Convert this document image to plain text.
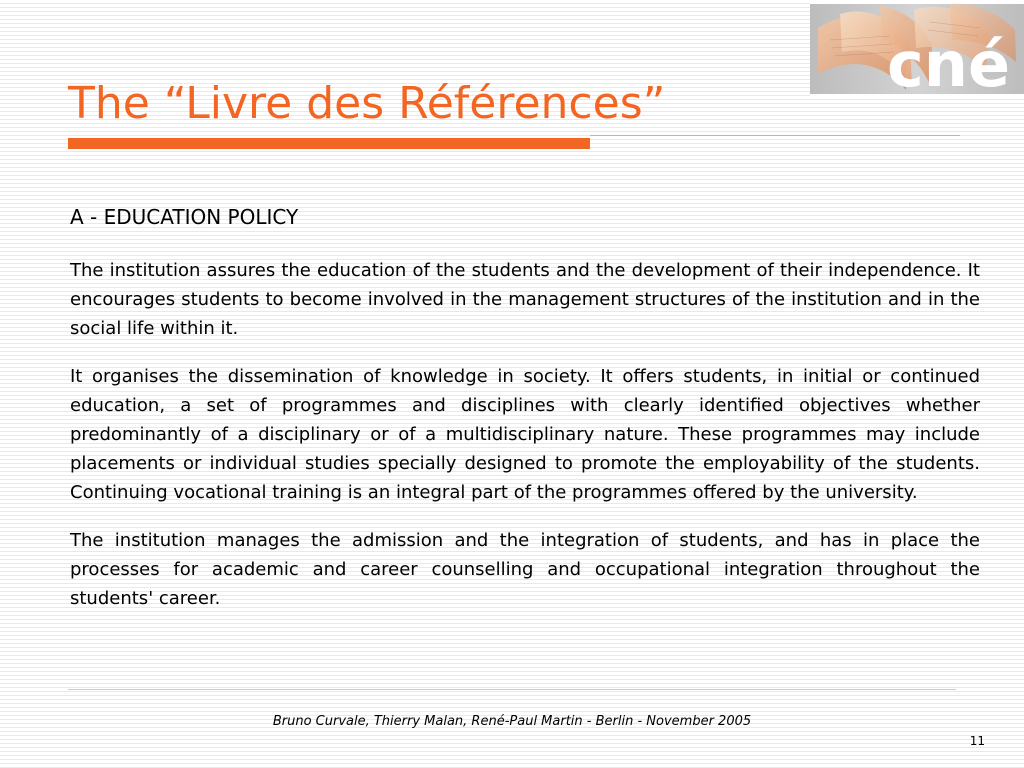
cné
The “Livre des Références”
A - EDUCATION POLICY

The institution assures the education of the students and the development of their independence. It encourages students to become involved in the management structures of the institution and in the social life within it.

It organises the dissemination of knowledge in society. It offers students, in initial or continued education, a set of programmes and disciplines with clearly identified objectives whether predominantly of a disciplinary or of a multidisciplinary nature. These programmes may include placements or individual studies specially designed to promote the employability of the students. Continuing vocational training is an integral part of the programmes offered by the university.

The institution manages the admission and the integration of students, and has in place the processes for academic and career counselling and occupational integration throughout the students' career.

Bruno Curvale, Thierry Malan, René-Paul Martin - Berlin - November 2005
11
